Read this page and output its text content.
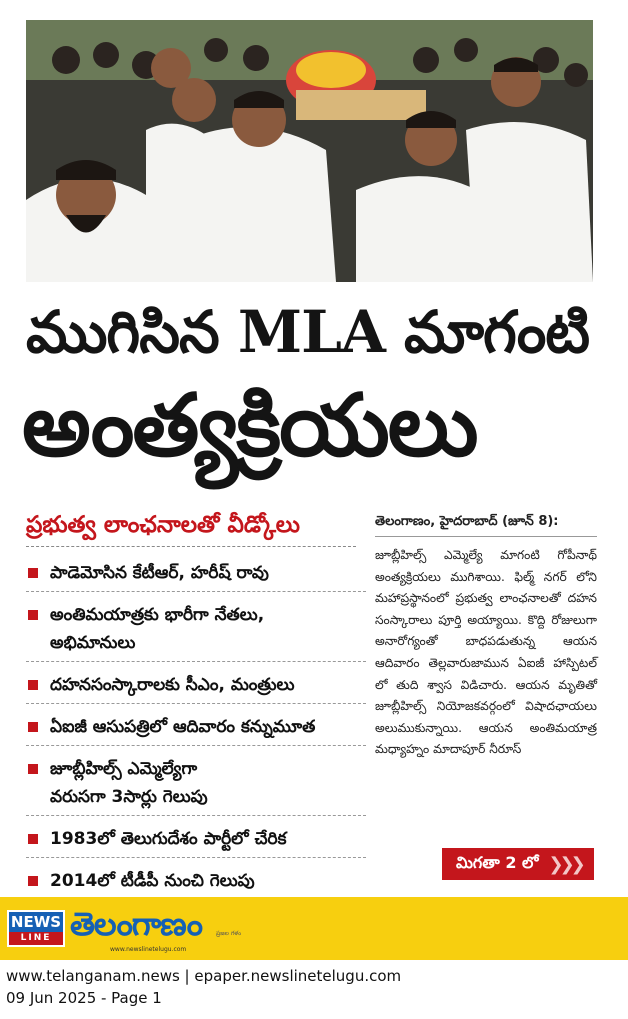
ముగిసిన MLA మాగంటి
అంత్యక్రియలు
ప్రభుత్వ లాంఛనాలతో వీడ్కోలు
పాడెమోసిన కేటీఆర్, హరీష్ రావు
అంతిమయాత్రకు భారీగా నేతలు,
అభిమానులు
దహనసంస్కారాలకు సీఎం, మంత్రులు
ఏఐజీ ఆసుపత్రిలో ఆదివారం కన్నుమూత
జూబ్లీహిల్స్ ఎమ్మెల్యేగా
వరుసగా 3సార్లు గెలుపు
1983లో తెలుగుదేశం పార్టీలో చేరిక
2014లో టీడీపీ నుంచి గెలుపు
తెలంగాణం, హైదరాబాద్ (జూన్ 8):
జూబ్లీహిల్స్ ఎమ్మెల్యే మాగంటి గోపీనాథ్ అంత్యక్రియలు ముగిశాయి. ఫిల్మ్ నగర్ లోని మహాప్రస్థానంలో ప్రభుత్వ లాంఛనాలతో దహన సంస్కారాలు పూర్తి అయ్యాయి. కొద్ది రోజులుగా అనారోగ్యంతో బాధపడుతున్న ఆయన ఆదివారం తెల్లవారుజామున ఏఐజీ హాస్పిటల్ లో తుది శ్వాస విడిచారు. ఆయన మృతితో జూబ్లీహిల్స్ నియోజకవర్గంలో విషాదఛాయలు అలుముకున్నాయి. ఆయన అంతిమయాత్ర మధ్యాహ్నం మాదాపూర్ నీరూస్
మిగతా 2 లో ❯❯❯
NEWS
LINE తెలంగాణం ప్రజల గళం
www.newslinetelugu.com
www.telanganam.news | epaper.newslinetelugu.com
09 Jun 2025 - Page 1
